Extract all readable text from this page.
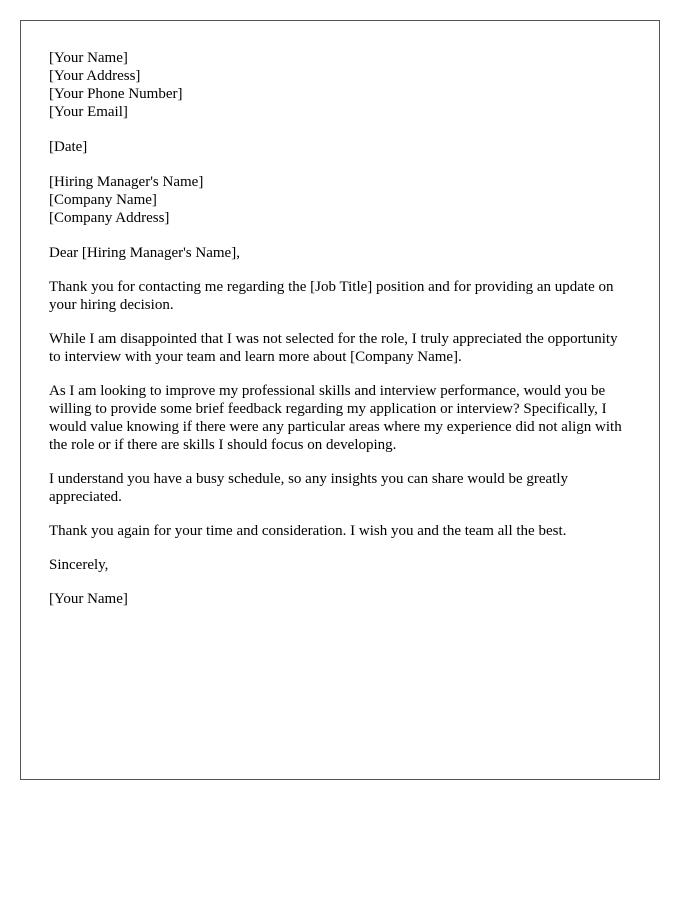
[Your Name]
[Your Address]
[Your Phone Number]
[Your Email]
[Date]
[Hiring Manager's Name]
[Company Name]
[Company Address]
Dear [Hiring Manager's Name],

Thank you for contacting me regarding the [Job Title] position and for providing an update on your hiring decision.

While I am disappointed that I was not selected for the role, I truly appreciated the opportunity to interview with your team and learn more about [Company Name].

As I am looking to improve my professional skills and interview performance, would you be willing to provide some brief feedback regarding my application or interview? Specifically, I would value knowing if there were any particular areas where my experience did not align with the role or if there are skills I should focus on developing.

I understand you have a busy schedule, so any insights you can share would be greatly appreciated.

Thank you again for your time and consideration. I wish you and the team all the best.

Sincerely,
[Your Name]
